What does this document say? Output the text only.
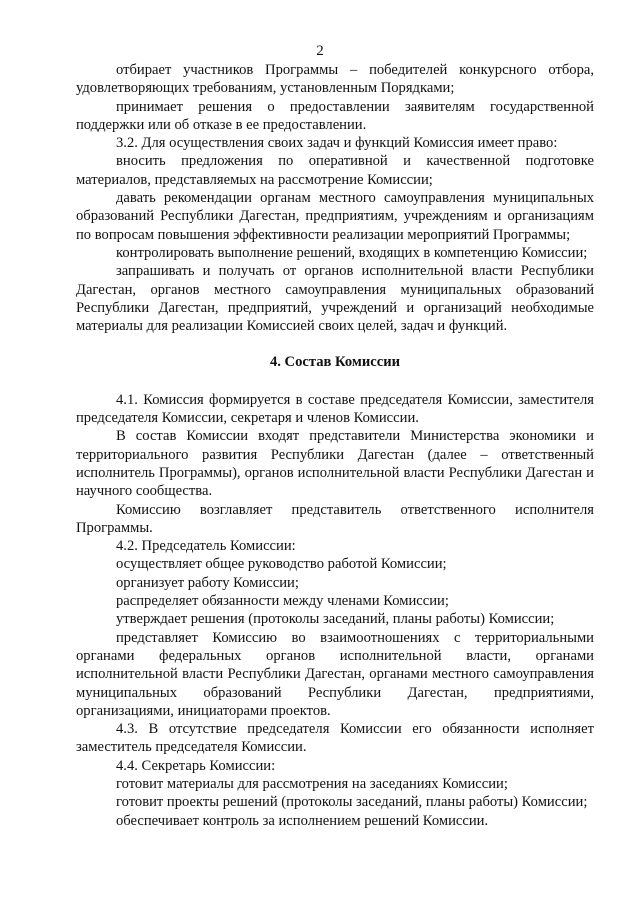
2

отбирает участников Программы – победителей конкурсного отбора, удовлетворяющих требованиям, установленным Порядками;

принимает решения о предоставлении заявителям государственной поддержки или об отказе в ее предоставлении.

3.2. Для осуществления своих задач и функций Комиссия имеет право:

вносить предложения по оперативной и качественной подготовке материалов, представляемых на рассмотрение Комиссии;

давать рекомендации органам местного самоуправления муниципальных образований Республики Дагестан, предприятиям, учреждениям и организациям по вопросам повышения эффективности реализации мероприятий Программы;

контролировать выполнение решений, входящих в компетенцию Комиссии;

запрашивать и получать от органов исполнительной власти Республики Дагестан, органов местного самоуправления муниципальных образований Республики Дагестан, предприятий, учреждений и организаций необходимые материалы для реализации Комиссией своих целей, задач и функций.

4. Состав Комиссии

4.1. Комиссия формируется в составе председателя Комиссии, заместителя председателя Комиссии, секретаря и членов Комиссии.

В состав Комиссии входят представители Министерства экономики и территориального развития Республики Дагестан (далее – ответственный исполнитель Программы), органов исполнительной власти Республики Дагестан и научного сообщества.

Комиссию возглавляет представитель ответственного исполнителя Программы.

4.2. Председатель Комиссии:

осуществляет общее руководство работой Комиссии;

организует работу Комиссии;

распределяет обязанности между членами Комиссии;

утверждает решения (протоколы заседаний, планы работы) Комиссии;

представляет Комиссию во взаимоотношениях с территориальными органами федеральных органов исполнительной власти, органами исполнительной власти Республики Дагестан, органами местного самоуправления муниципальных образований Республики Дагестан, предприятиями, организациями, инициаторами проектов.

4.3. В отсутствие председателя Комиссии его обязанности исполняет заместитель председателя Комиссии.

4.4. Секретарь Комиссии:

готовит материалы для рассмотрения на заседаниях Комиссии;

готовит проекты решений (протоколы заседаний, планы работы) Комиссии;

обеспечивает контроль за исполнением решений Комиссии.
